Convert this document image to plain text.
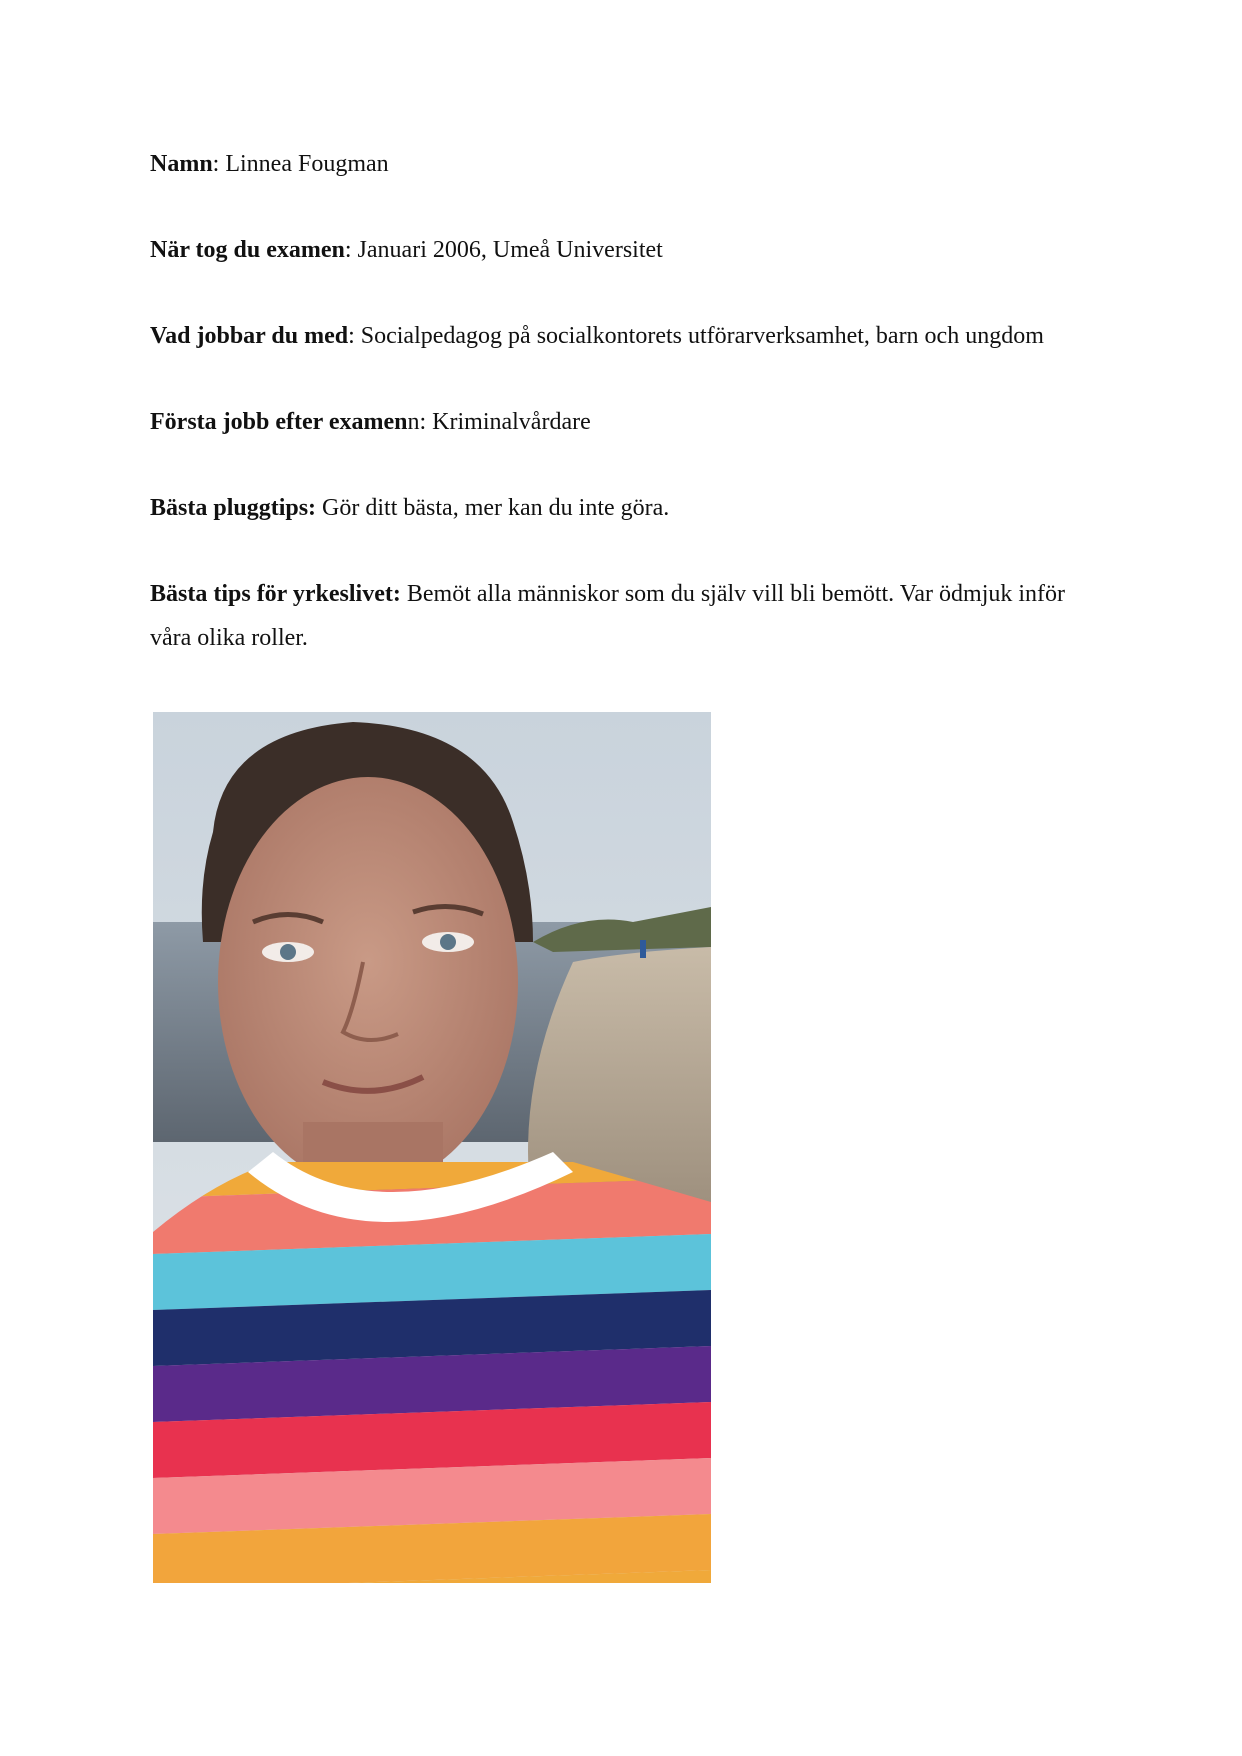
Namn: Linnea Fougman
När tog du examen: Januari 2006, Umeå Universitet
Vad jobbar du med: Socialpedagog på socialkontorets utförarverksamhet, barn och ungdom
Första jobb efter examenn: Kriminalvårdare
Bästa pluggtips: Gör ditt bästa, mer kan du inte göra.
Bästa tips för yrkeslivet: Bemöt alla människor som du själv vill bli bemött. Var ödmjuk inför våra olika roller.
